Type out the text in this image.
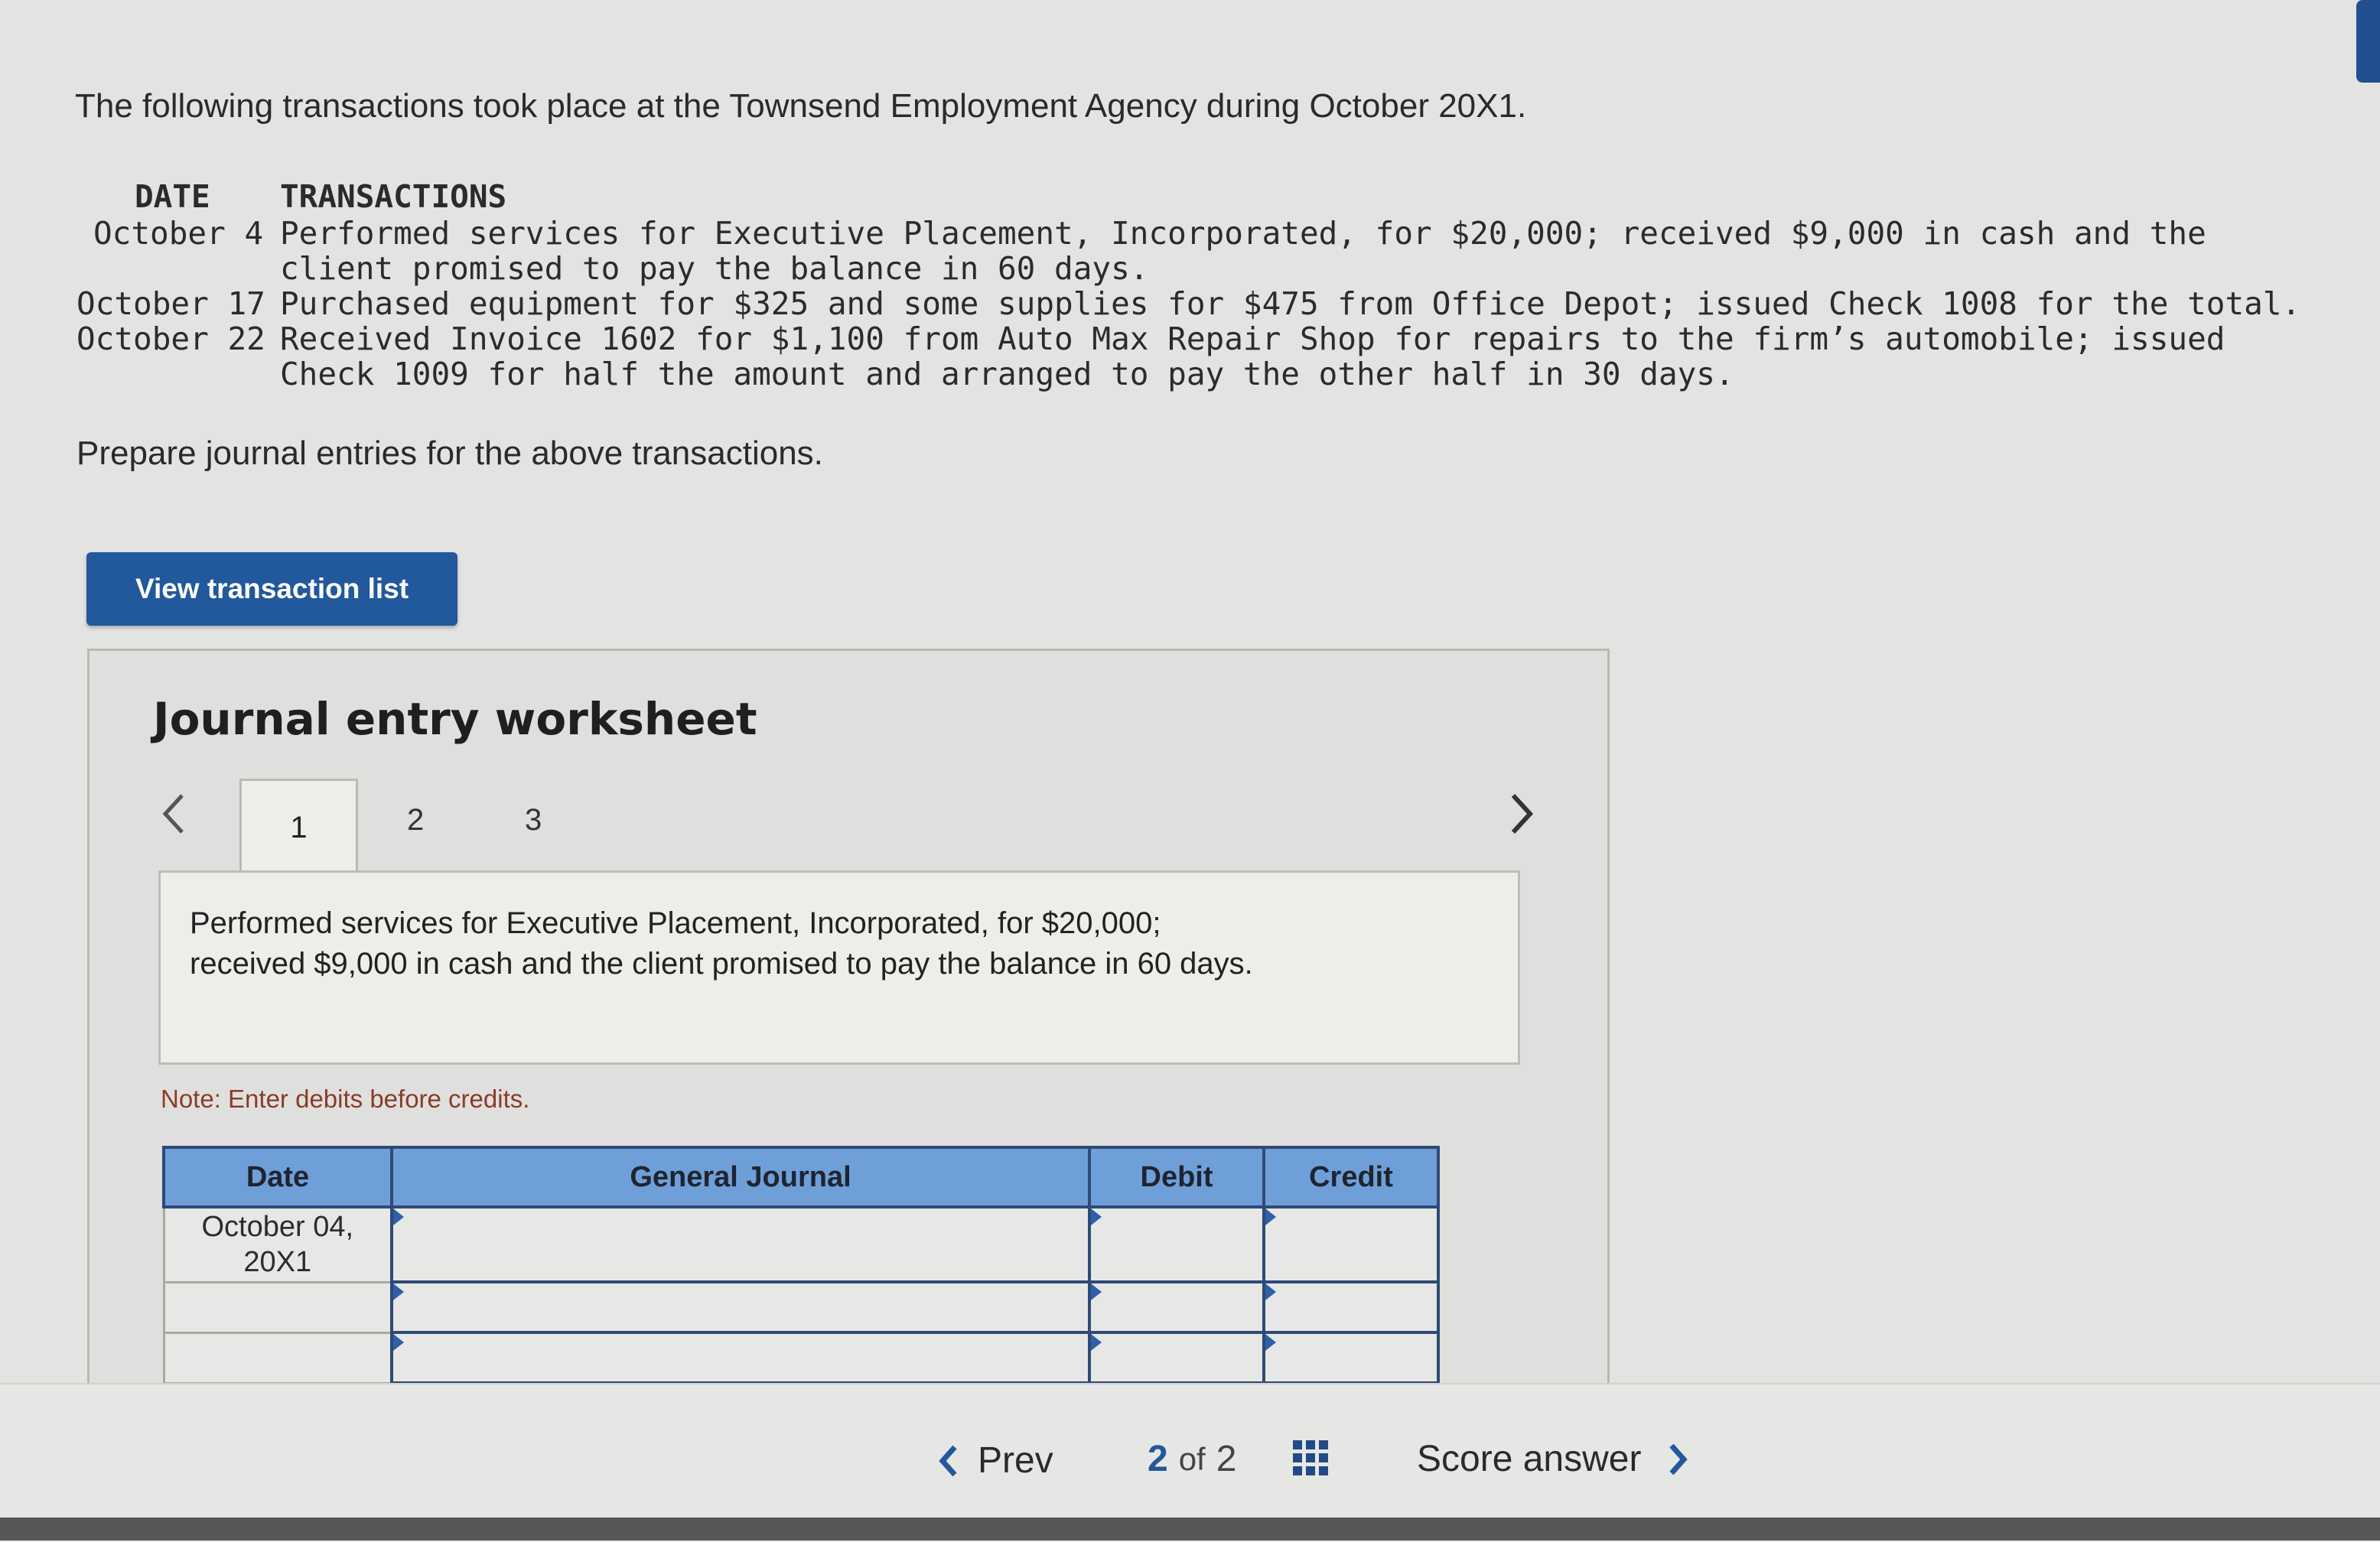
The following transactions took place at the Townsend Employment Agency during October 20X1.
DATE TRANSACTIONS
October 4 Performed services for Executive Placement, Incorporated, for $20,000; received $9,000 in cash and the
client promised to pay the balance in 60 days.
October 17 Purchased equipment for $325 and some supplies for $475 from Office Depot; issued Check 1008 for the total.
October 22 Received Invoice 1602 for $1,100 from Auto Max Repair Shop for repairs to the firm’s automobile; issued
Check 1009 for half the amount and arranged to pay the other half in 30 days.
Prepare journal entries for the above transactions.
View transaction list
Journal entry worksheet
1	2	3
Performed services for Executive Placement, Incorporated, for $20,000;
received $9,000 in cash and the client promised to pay the balance in 60 days.
Note: Enter debits before credits.
Date	General Journal	Debit	Credit

October 04,
20X1			

Prev	2 of 2	Score answer
